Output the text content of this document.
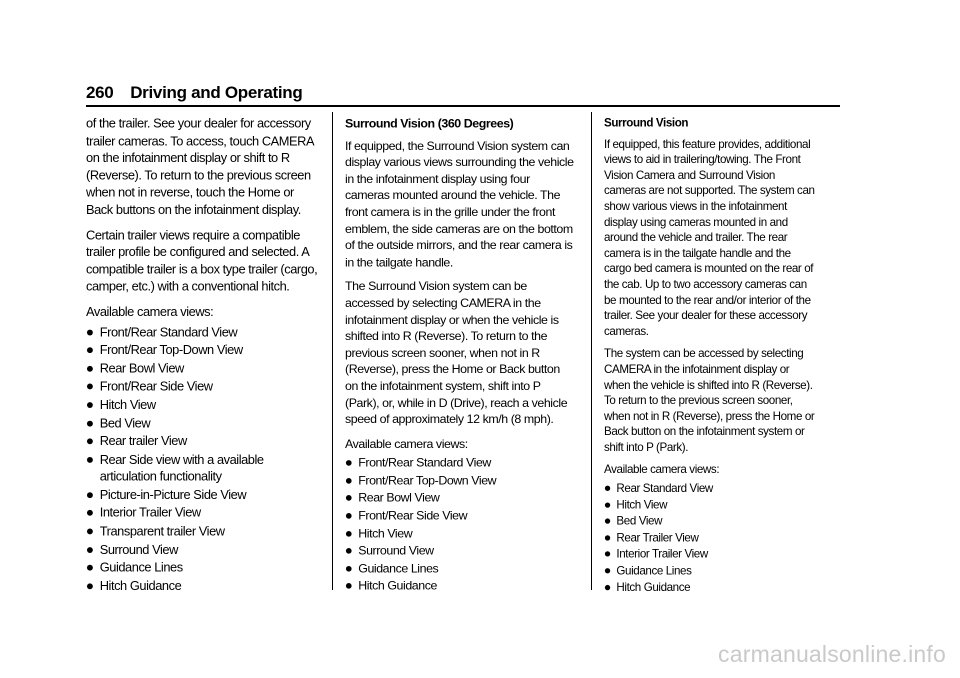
260 Driving and Operating

of the trailer. See your dealer for accessory trailer cameras. To access, touch CAMERA on the infotainment display or shift to R (Reverse). To return to the previous screen when not in reverse, touch the Home or Back buttons on the infotainment display.

Certain trailer views require a compatible trailer profile be configured and selected. A compatible trailer is a box type trailer (cargo, camper, etc.) with a conventional hitch.

Available camera views:

Front/Rear Standard View
Front/Rear Top-Down View
Rear Bowl View
Front/Rear Side View
Hitch View
Bed View
Rear trailer View
Rear Side view with a available articulation functionality
Picture-in-Picture Side View
Interior Trailer View
Transparent trailer View
Surround View
Guidance Lines
Hitch Guidance

Surround Vision (360 Degrees)

If equipped, the Surround Vision system can display various views surrounding the vehicle in the infotainment display using four cameras mounted around the vehicle. The front camera is in the grille under the front emblem, the side cameras are on the bottom of the outside mirrors, and the rear camera is in the tailgate handle.

The Surround Vision system can be accessed by selecting CAMERA in the infotainment display or when the vehicle is shifted into R (Reverse). To return to the previous screen sooner, when not in R (Reverse), press the Home or Back button on the infotainment system, shift into P (Park), or, while in D (Drive), reach a vehicle speed of approximately 12 km/h (8 mph).

Available camera views:

Front/Rear Standard View
Front/Rear Top-Down View
Rear Bowl View
Front/Rear Side View
Hitch View
Surround View
Guidance Lines
Hitch Guidance

Surround Vision

If equipped, this feature provides, additional views to aid in trailering/towing. The Front Vision Camera and Surround Vision cameras are not supported. The system can show various views in the infotainment display using cameras mounted in and around the vehicle and trailer. The rear camera is in the tailgate handle and the cargo bed camera is mounted on the rear of the cab. Up to two accessory cameras can be mounted to the rear and/or interior of the trailer. See your dealer for these accessory cameras.

The system can be accessed by selecting CAMERA in the infotainment display or when the vehicle is shifted into R (Reverse). To return to the previous screen sooner, when not in R (Reverse), press the Home or Back button on the infotainment system or shift into P (Park).

Available camera views:

Rear Standard View
Hitch View
Bed View
Rear Trailer View
Interior Trailer View
Guidance Lines
Hitch Guidance
carmanualsonline.info
